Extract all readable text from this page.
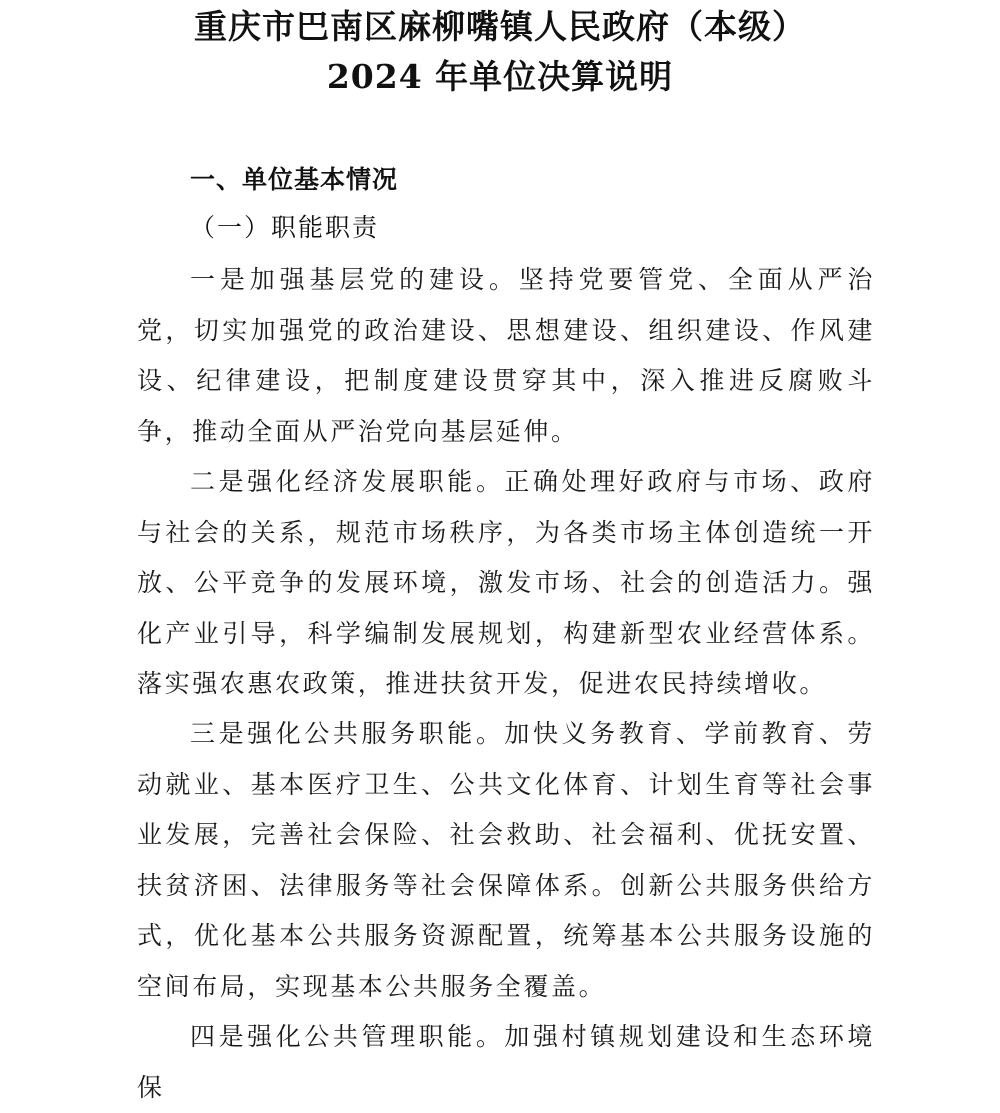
重庆市巴南区麻柳嘴镇人民政府（本级）
2024 年单位决算说明
一、单位基本情况
（一）职能职责

一是加强基层党的建设。坚持党要管党、全面从严治党，切实加强党的政治建设、思想建设、组织建设、作风建设、纪律建设，把制度建设贯穿其中，深入推进反腐败斗争，推动全面从严治党向基层延伸。

二是强化经济发展职能。正确处理好政府与市场、政府与社会的关系，规范市场秩序，为各类市场主体创造统一开放、公平竞争的发展环境，激发市场、社会的创造活力。强化产业引导，科学编制发展规划，构建新型农业经营体系。落实强农惠农政策，推进扶贫开发，促进农民持续增收。

三是强化公共服务职能。加快义务教育、学前教育、劳动就业、基本医疗卫生、公共文化体育、计划生育等社会事业发展，完善社会保险、社会救助、社会福利、优抚安置、扶贫济困、法律服务等社会保障体系。创新公共服务供给方式，优化基本公共服务资源配置，统筹基本公共服务设施的空间布局，实现基本公共服务全覆盖。

四是强化公共管理职能。加强村镇规划建设和生态环境保
